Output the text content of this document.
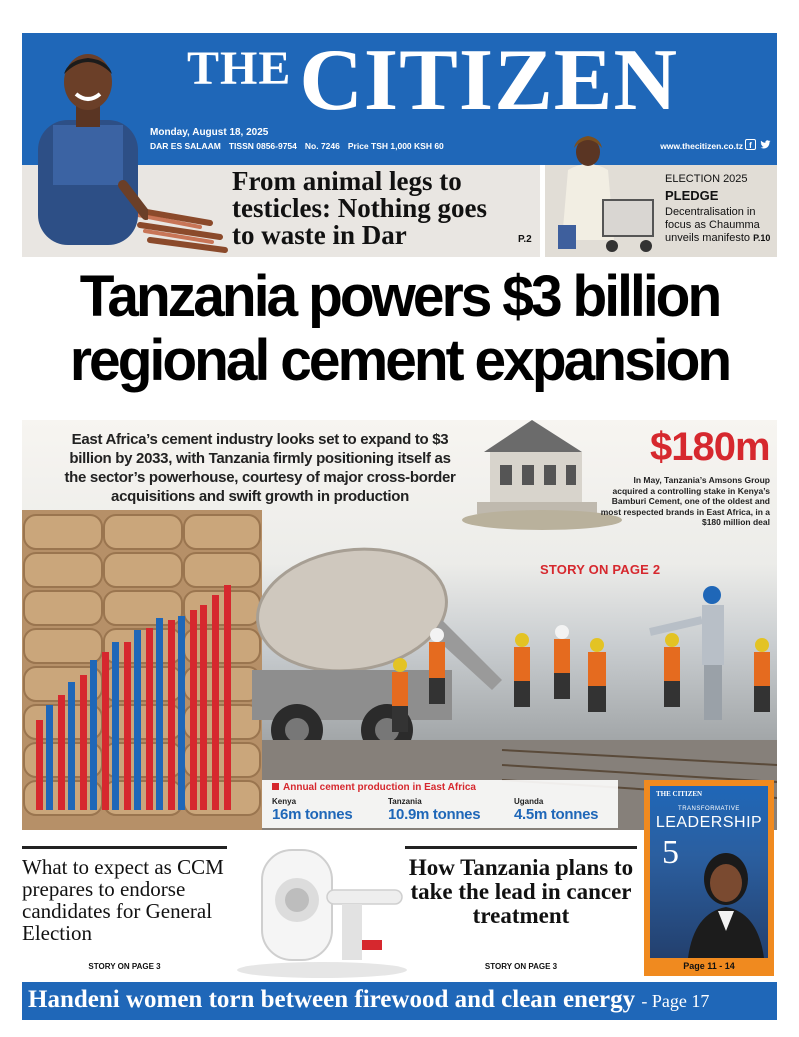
THECITIZEN
Monday, August 18, 2025
DAR ES SALAAM TISSN 0856-9754 No. 7246 Price TSH 1,000 KSH 60	www.thecitizen.co.tz f
From animal legs to testicles: Nothing goes to waste in Dar	P.2
ELECTION 2025
PLEDGE
Decentralisation in focus as Chaumma unveils manifesto P.10
Tanzania powers $3 billion regional cement expansion
East Africa’s cement industry looks set to expand to $3 billion by 2033, with Tanzania firmly positioning itself as the sector’s powerhouse, courtesy of major cross-border acquisitions and swift growth in production
$180m
In May, Tanzania’s Amsons Group acquired a controlling stake in Kenya’s Bamburi Cement, one of the oldest and most respected brands in East Africa, in a $180 million deal
STORY ON PAGE 2
Annual cement production in East Africa
Kenya
16m tonnes
Tanzania
10.9m tonnes
Uganda
4.5m tonnes
THE CITIZEN
TRANSFORMATIVE
LEADERSHIP
5
Page 11 - 14
What to expect as CCM prepares to endorse candidates for General Election
STORY ON PAGE 3
How Tanzania plans to take the lead in cancer treatment
STORY ON PAGE 3
Handeni women torn between firewood and clean energy - Page 17
